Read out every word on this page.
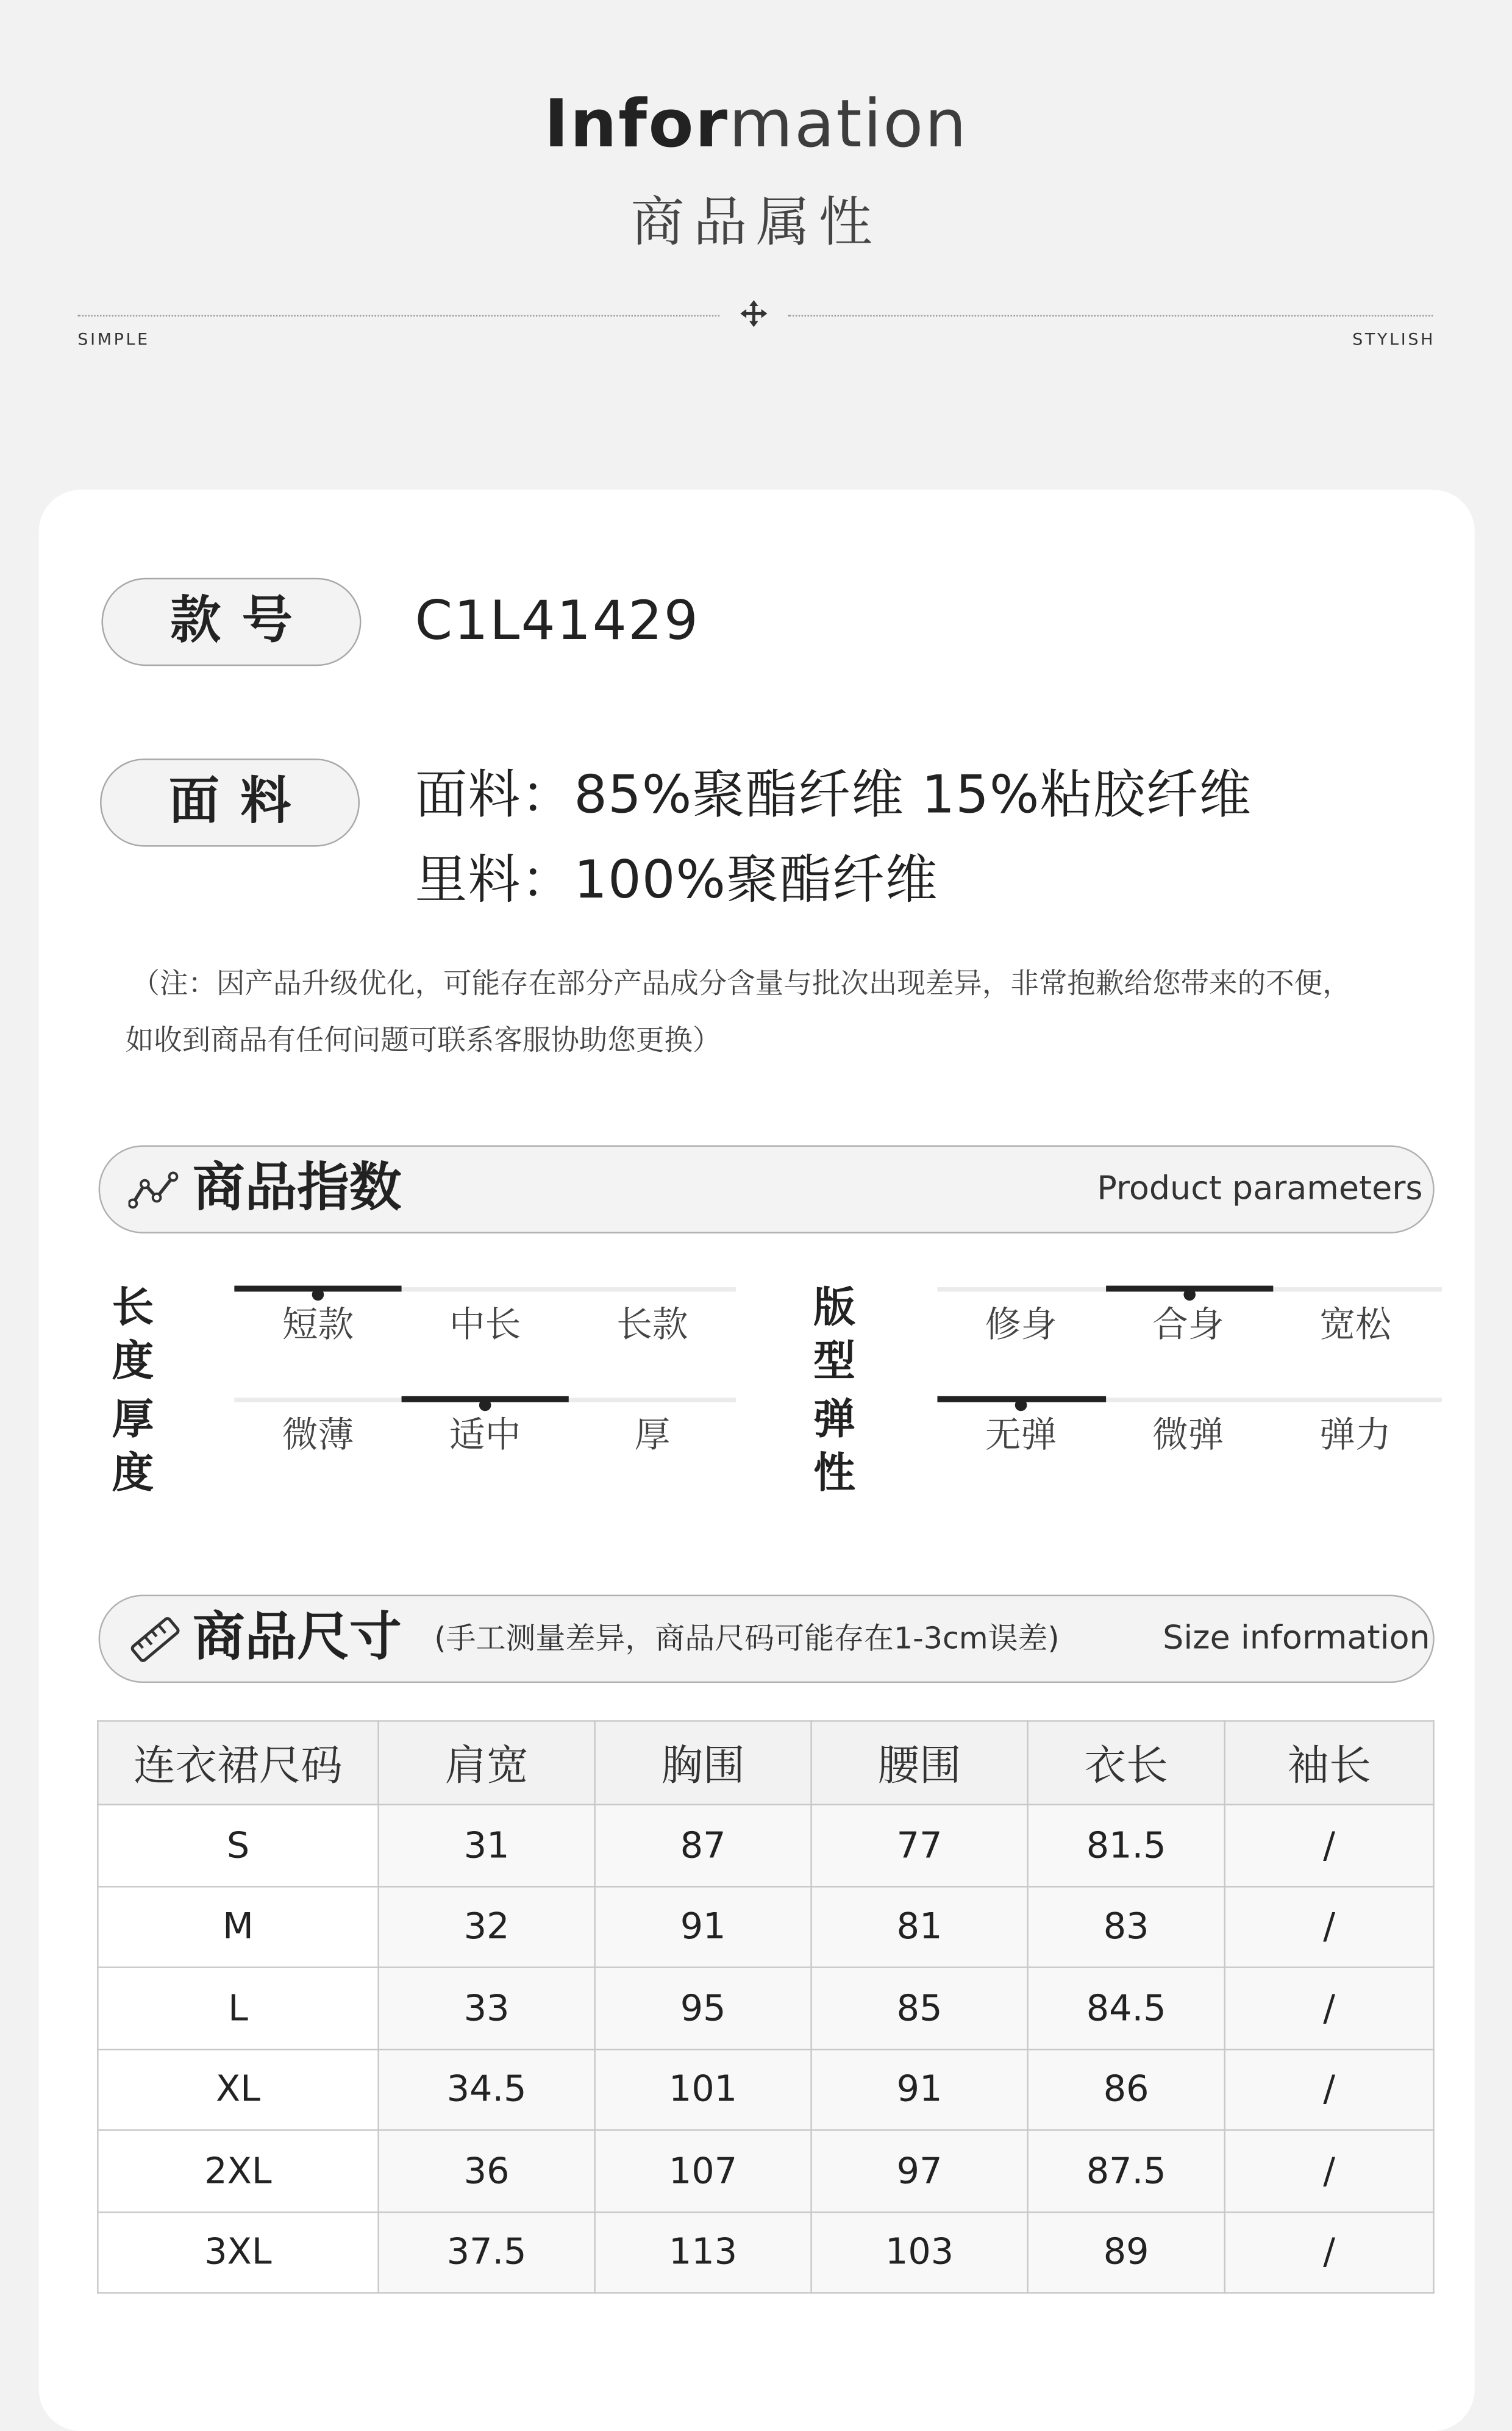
Information
商品属性
SIMPLE	STYLISH
款号	C1L41429
面料	面料：85%聚酯纤维 15%粘胶纤维
里料：100%聚酯纤维
（注：因产品升级优化，可能存在部分产品成分含量与批次出现差异，非常抱歉给您带来的不便，
如收到商品有任何问题可联系客服协助您更换）
商品指数	Product parameters
长度
短款	中长	长款	版型
修身	合身	宽松
厚度
微薄	适中	厚	弹性
无弹	微弹	弹力
商品尺寸	(手工测量差异，商品尺码可能存在1-3cm误差)	Size information
连衣裙尺码	肩宽	胸围	腰围	衣长	袖长
S	31	87	77	81.5	/
M	32	91	81	83	/
L	33	95	85	84.5	/
XL	34.5	101	91	86	/
2XL	36	107	97	87.5	/
3XL	37.5	113	103	89	/
